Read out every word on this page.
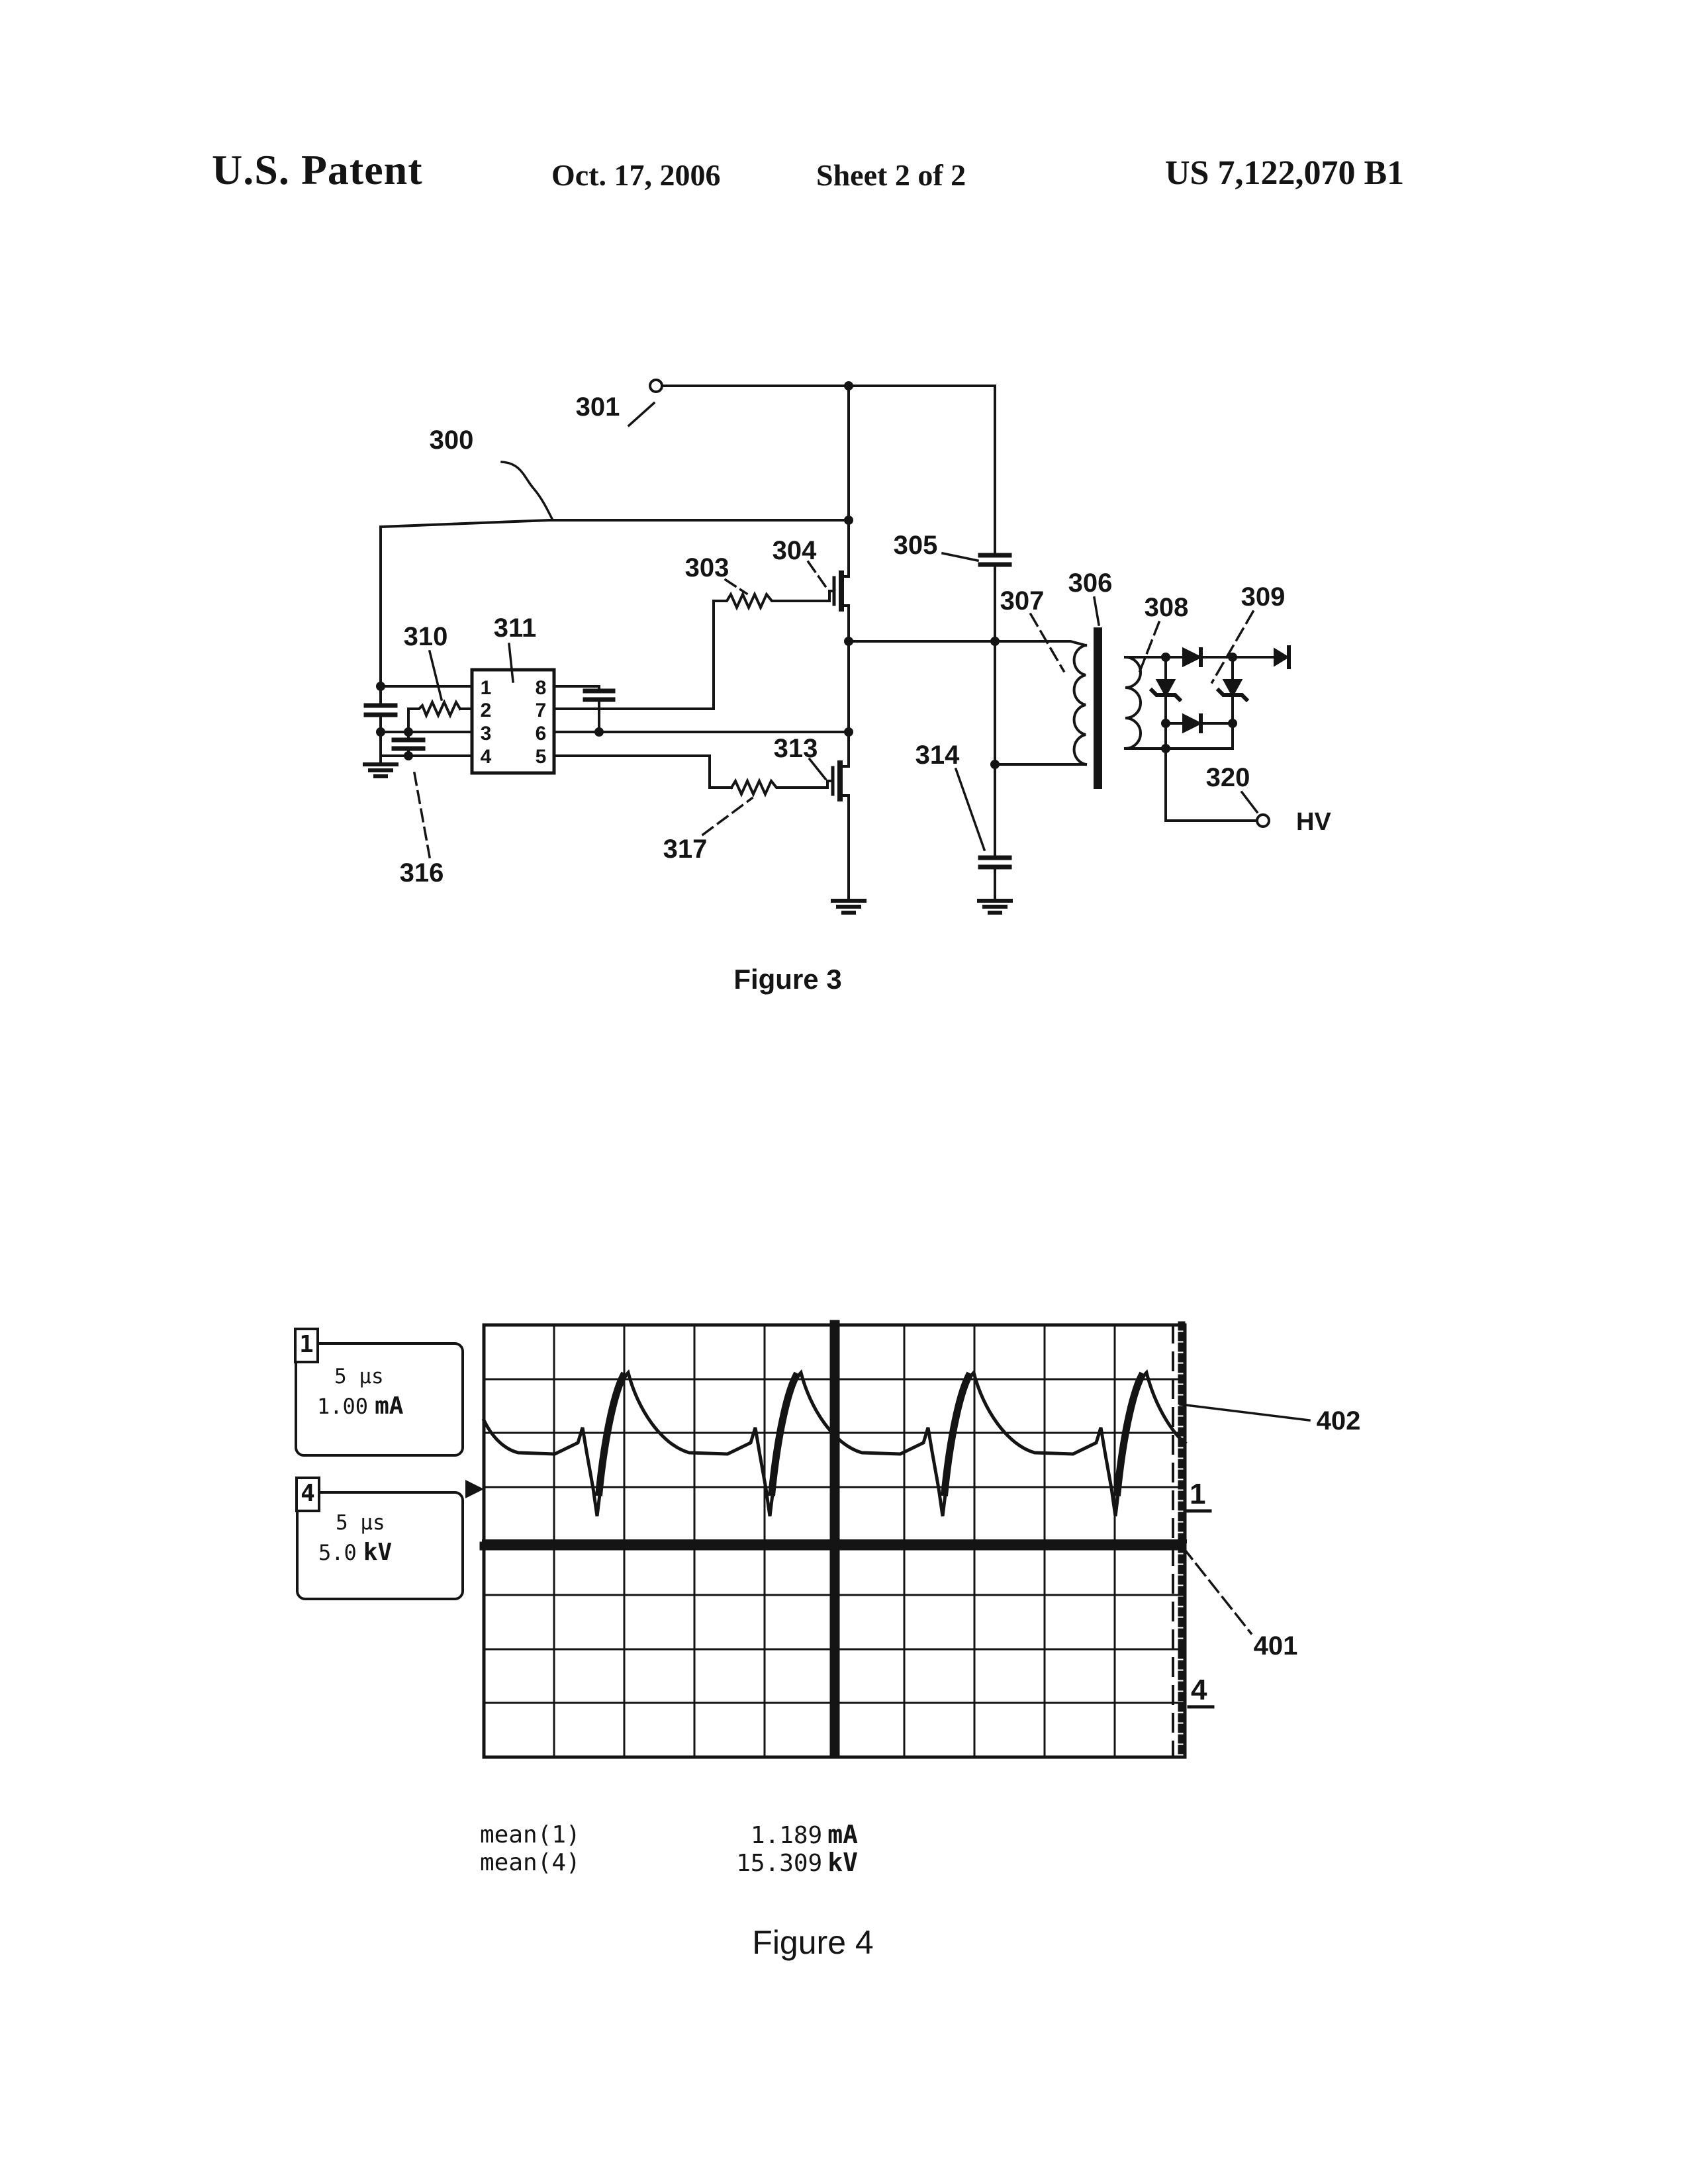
U.S. Patent	Oct. 17, 2006	Sheet 2 of 2	US 7,122,070 B1
300
301
303
304	305
306
307	308 309
310 311
313	314
316
317
320
HV
1
2
3
4
8
7
6
5
1
4
402
401
5 µs
1.00 mA
1
5 µs
5.0 kV
4
mean(1)	1.189 mA
mean(4)	15.309 kV
Figure 3
Figure 4
